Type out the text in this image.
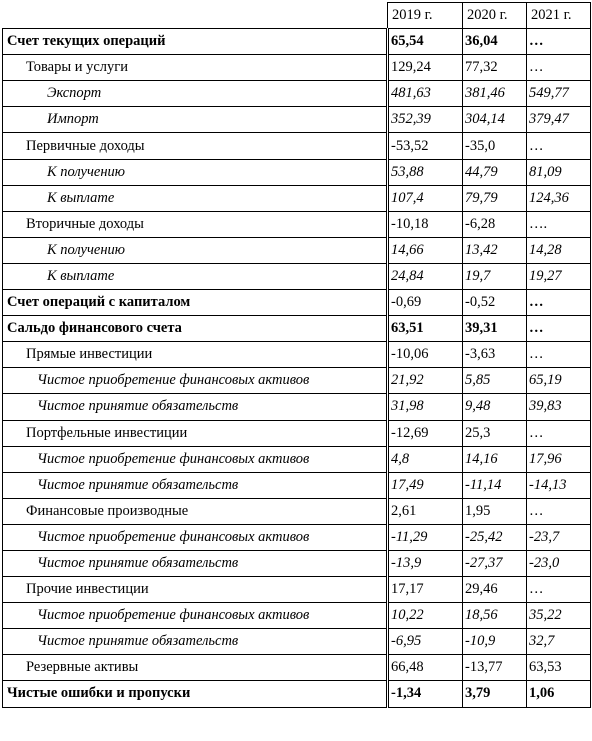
	2019 г.	2020 г.	2021 г.
Счет текущих операций	65,54	36,04	…
Товары и услуги	129,24	77,32	…
Экспорт	481,63	381,46	549,77
Импорт	352,39	304,14	379,47
Первичные доходы	-53,52	-35,0	…
К получению	53,88	44,79	81,09
К выплате	107,4	79,79	124,36
Вторичные доходы	-10,18	-6,28	….
К получению	14,66	13,42	14,28
К выплате	24,84	19,7	19,27
Счет операций с капиталом	-0,69	-0,52	…
Сальдо финансового счета	63,51	39,31	…
Прямые инвестиции	-10,06	-3,63	…
Чистое приобретение финансовых активов	21,92	5,85	65,19
Чистое принятие обязательств	31,98	9,48	39,83
Портфельные инвестиции	-12,69	25,3	…
Чистое приобретение финансовых активов	4,8	14,16	17,96
Чистое принятие обязательств	17,49	-11,14	-14,13
Финансовые производные	2,61	1,95	…
Чистое приобретение финансовых активов	-11,29	-25,42	-23,7
Чистое принятие обязательств	-13,9	-27,37	-23,0
Прочие инвестиции	17,17	29,46	…
Чистое приобретение финансовых активов	10,22	18,56	35,22
Чистое принятие обязательств	-6,95	-10,9	32,7
Резервные активы	66,48	-13,77	63,53
Чистые ошибки и пропуски	-1,34	3,79	1,06
